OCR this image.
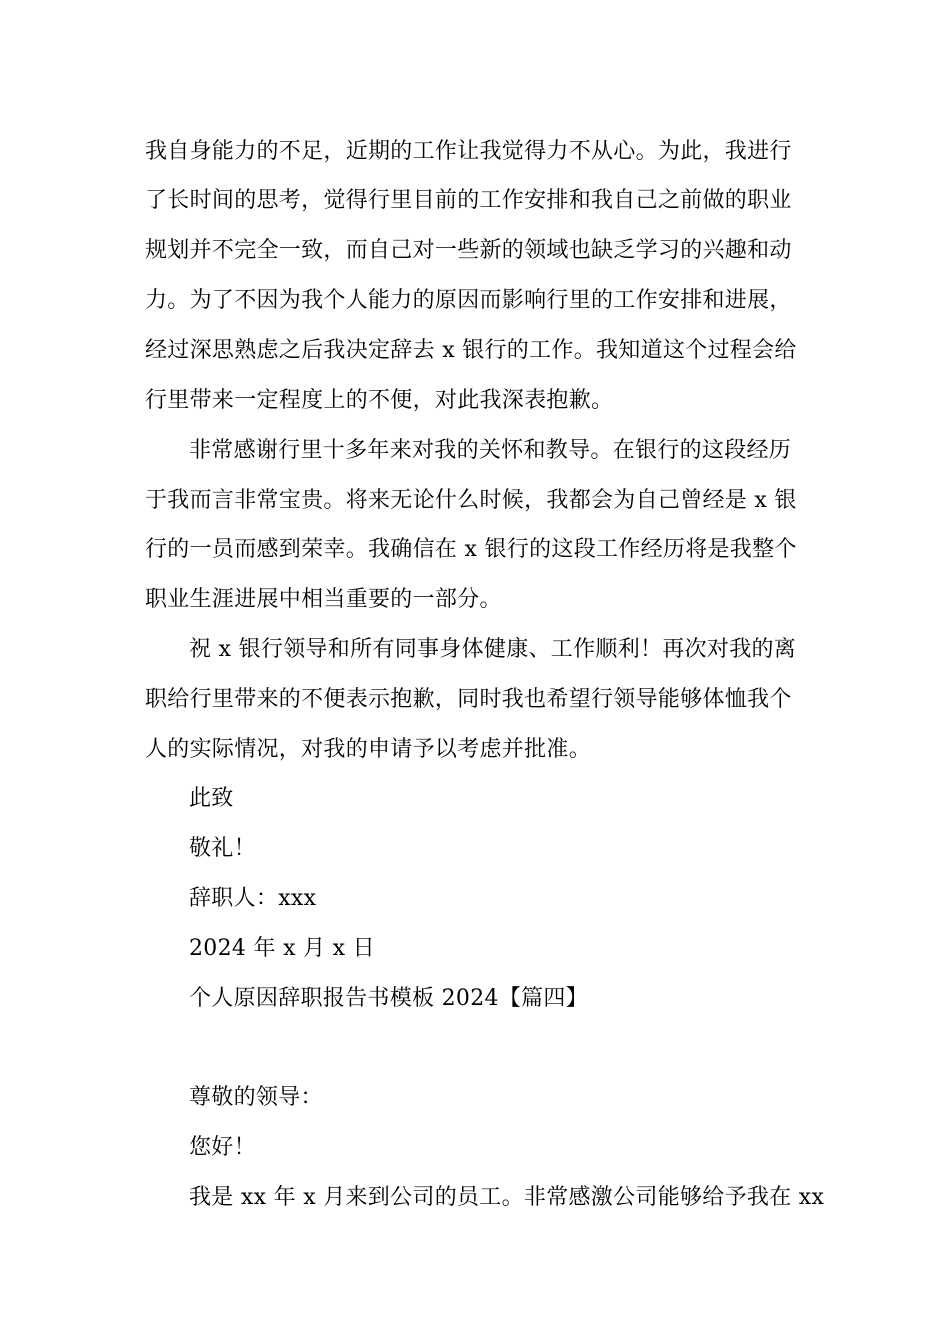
我自身能力的不足，近期的工作让我觉得力不从心。为此，我进行
了长时间的思考，觉得行里目前的工作安排和我自己之前做的职业
规划并不完全一致，而自己对一些新的领域也缺乏学习的兴趣和动
力。为了不因为我个人能力的原因而影响行里的工作安排和进展，
经过深思熟虑之后我决定辞去 x 银行的工作。我知道这个过程会给
行里带来一定程度上的不便，对此我深表抱歉。
非常感谢行里十多年来对我的关怀和教导。在银行的这段经历
于我而言非常宝贵。将来无论什么时候，我都会为自己曾经是 x 银
行的一员而感到荣幸。我确信在 x 银行的这段工作经历将是我整个
职业生涯进展中相当重要的一部分。
祝 x 银行领导和所有同事身体健康、工作顺利！再次对我的离
职给行里带来的不便表示抱歉，同时我也希望行领导能够体恤我个
人的实际情况，对我的申请予以考虑并批准。
此致
敬礼！
辞职人：xxx
2024 年 x 月 x 日
个人原因辞职报告书模板 2024【篇四】
尊敬的领导：
您好！
我是 xx 年 x 月来到公司的员工。非常感激公司能够给予我在 xx
